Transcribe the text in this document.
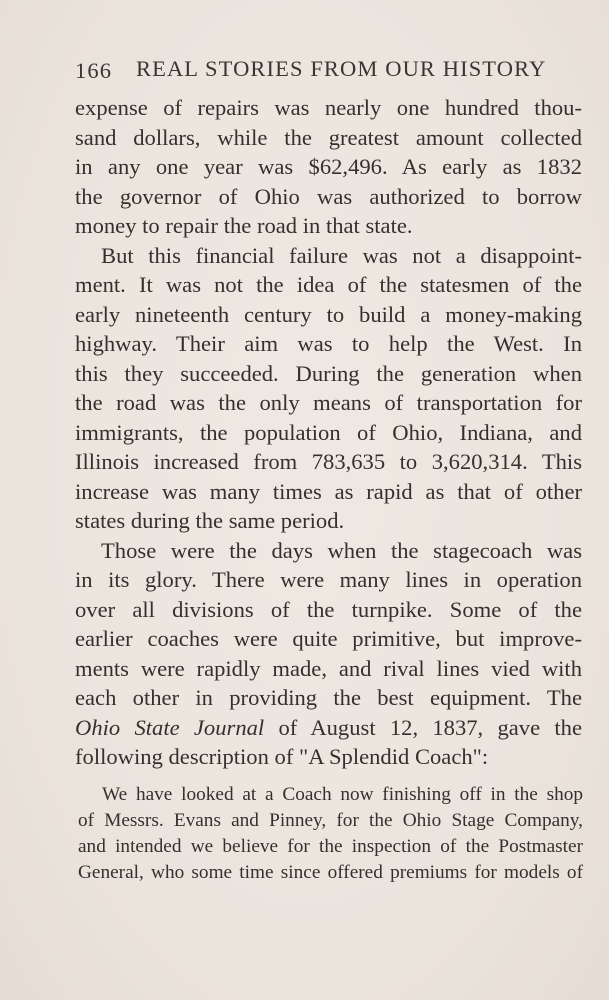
166 REAL STORIES FROM OUR HISTORY
expense of repairs was nearly one hundred thou-
sand dollars, while the greatest amount collected
in any one year was $62,496. As early as 1832
the governor of Ohio was authorized to borrow
money to repair the road in that state.
But this financial failure was not a disappoint-
ment. It was not the idea of the statesmen of the
early nineteenth century to build a money-making
highway. Their aim was to help the West. In
this they succeeded. During the generation when
the road was the only means of transportation for
immigrants, the population of Ohio, Indiana, and
Illinois increased from 783,635 to 3,620,314. This
increase was many times as rapid as that of other
states during the same period.
Those were the days when the stagecoach was
in its glory. There were many lines in operation
over all divisions of the turnpike. Some of the
earlier coaches were quite primitive, but improve-
ments were rapidly made, and rival lines vied with
each other in providing the best equipment. The
Ohio State Journal of August 12, 1837, gave the
following description of "A Splendid Coach":
We have looked at a Coach now finishing off in the shop
of Messrs. Evans and Pinney, for the Ohio Stage Company,
and intended we believe for the inspection of the Postmaster
General, who some time since offered premiums for models of
